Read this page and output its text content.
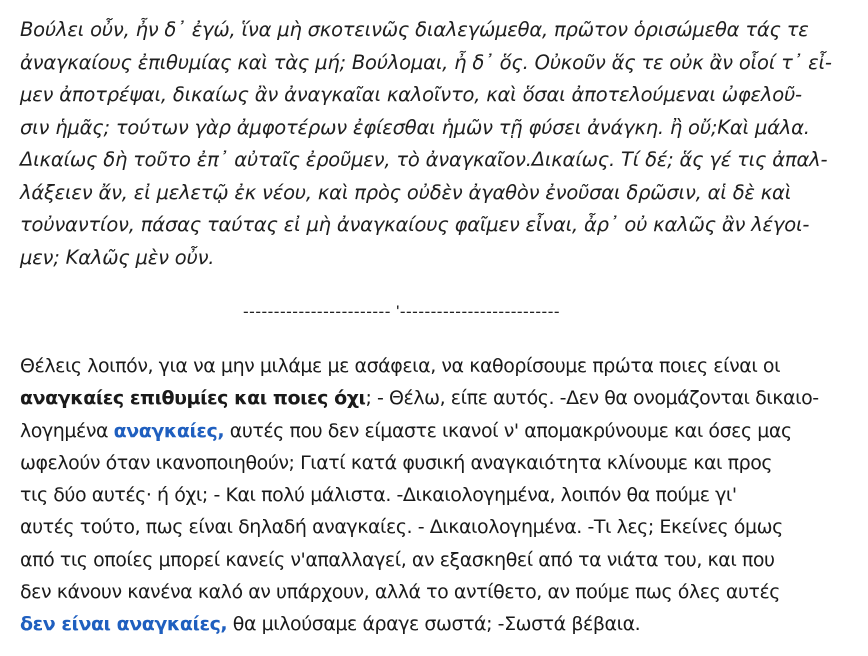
Βούλει οὖν, ἦν δ᾽ ἐγώ, ἵνα μὴ σκοτεινῶς διαλεγώμεθα, πρῶτον ὁρισώμεθα τάς τε
ἀναγκαίους ἐπιθυμίας καὶ τὰς μή; Βούλομαι, ἦ δ᾽ ὅς. Οὐκοῦν ἅς τε οὐκ ἂν οἷοί τ᾽ εἶ-
μεν ἀποτρέψαι, δικαίως ἂν ἀναγκαῖαι καλοῖντο, καὶ ὅσαι ἀποτελούμεναι ὠφελοῦ-
σιν ἡμᾶς; τούτων γὰρ ἀμφοτέρων ἐφίεσθαι ἡμῶν τῇ φύσει ἀνάγκη. ἢ οὔ;Καὶ μάλα.
Δικαίως δὴ τοῦτο ἐπ᾽ αὐταῖς ἐροῦμεν, τὸ ἀναγκαῖον.Δικαίως. Τί δέ; ἅς γέ τις ἀπαλ-
λάξειεν ἄν, εἰ μελετῷ ἐκ νέου, καὶ πρὸς οὐδὲν ἀγαθὸν ἐνοῦσαι δρῶσιν, αἱ δὲ καὶ
τοὐναντίον, πάσας ταύτας εἰ μὴ ἀναγκαίους φαῖμεν εἶναι, ἆρ᾽ οὐ καλῶς ἂν λέγοι-
μεν; Καλῶς μὲν οὖν.
------------------------ '--------------------------
Θέλεις λοιπόν, για να μην μιλάμε με ασάφεια, να καθορίσουμε πρώτα ποιες είναι οι
αναγκαίες επιθυμίες και ποιες όχι; - Θέλω, είπε αυτός. -Δεν θα ονομάζονται δικαιο-
λογημένα αναγκαίες, αυτές που δεν είμαστε ικανοί ν' απομακρύνουμε και όσες μας
ωφελούν όταν ικανοποιηθούν; Γιατί κατά φυσική αναγκαιότητα κλίνουμε και προς
τις δύο αυτές· ή όχι; - Και πολύ μάλιστα. -Δικαιολογημένα, λοιπόν θα πούμε γι'
αυτές τούτο, πως είναι δηλαδή αναγκαίες. - Δικαιολογημένα. -Τι λες; Εκείνες όμως
από τις οποίες μπορεί κανείς ν'απαλλαγεί, αν εξασκηθεί από τα νιάτα του, και που
δεν κάνουν κανένα καλό αν υπάρχουν, αλλά το αντίθετο, αν πούμε πως όλες αυτές
δεν είναι αναγκαίες, θα μιλούσαμε άραγε σωστά; -Σωστά βέβαια.
